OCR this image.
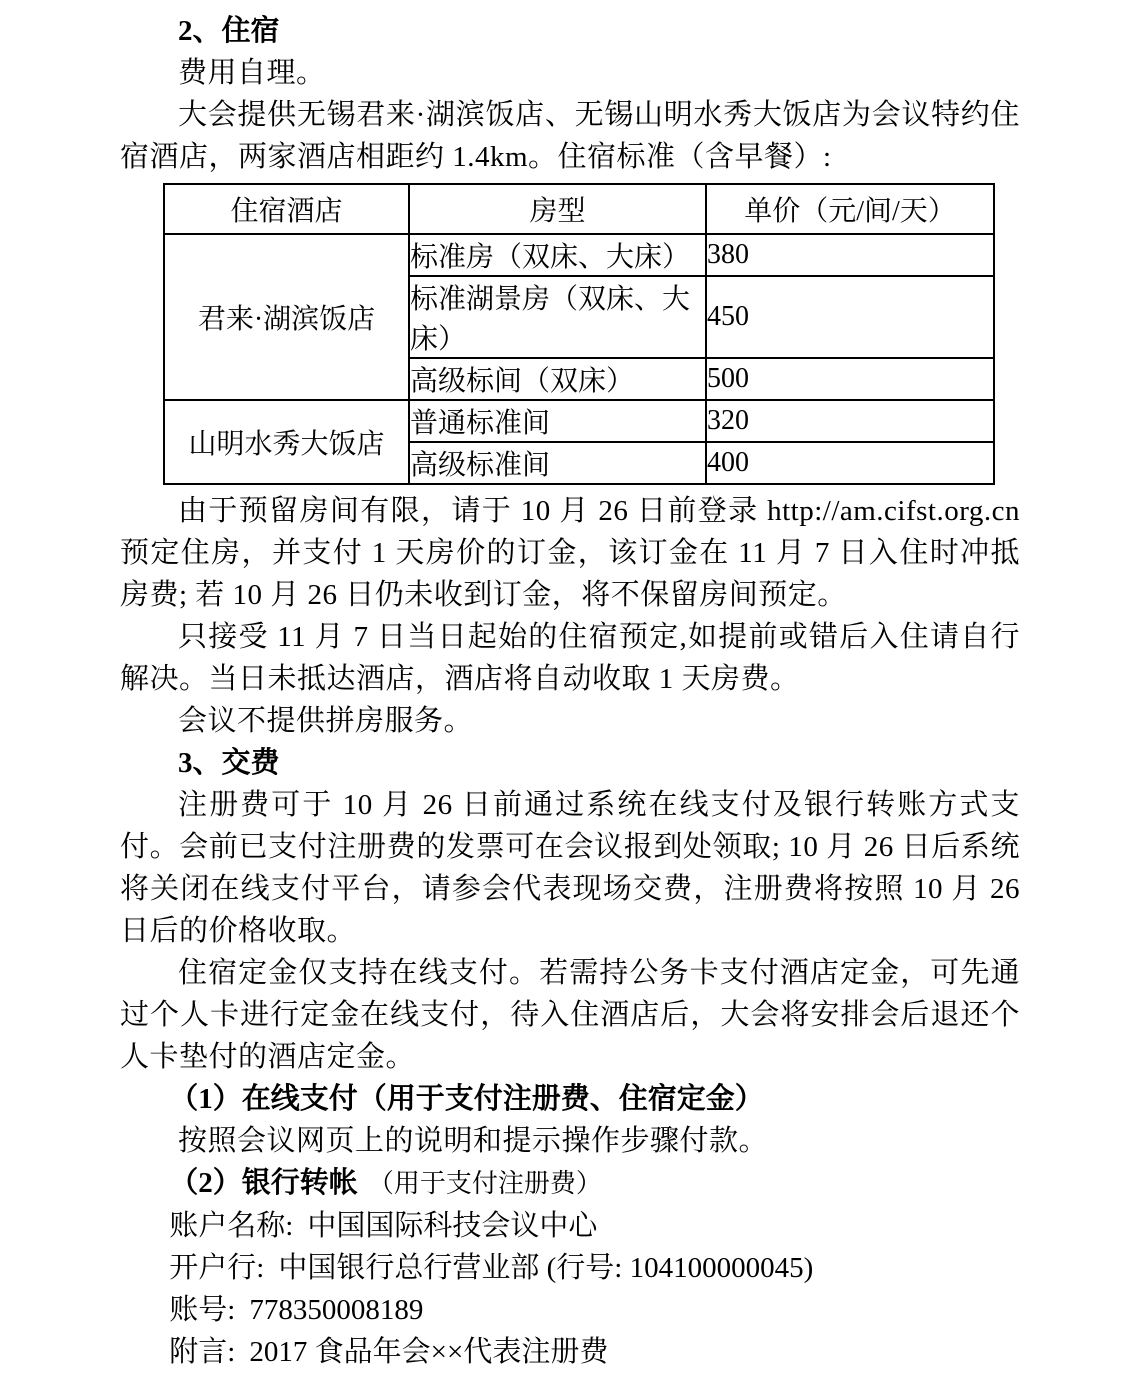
2、住宿

费用自理。

大会提供无锡君来·湖滨饭店、无锡山明水秀大饭店为会议特约住宿酒店，两家酒店相距约 1.4km。住宿标准（含早餐）:

住宿酒店	房型	单价（元/间/天）
君来·湖滨饭店	标准房（双床、大床）	380
	标准湖景房（双床、大床）	450
	高级标间（双床）	500
山明水秀大饭店	普通标准间	320
	高级标准间	400

由于预留房间有限，请于 10 月 26 日前登录 http://am.cifst.org.cn 预定住房，并支付 1 天房价的订金，该订金在 11 月 7 日入住时冲抵房费; 若 10 月 26 日仍未收到订金，将不保留房间预定。

只接受 11 月 7 日当日起始的住宿预定,如提前或错后入住请自行解决。当日未抵达酒店，酒店将自动收取 1 天房费。

会议不提供拼房服务。

3、交费

注册费可于 10 月 26 日前通过系统在线支付及银行转账方式支付。会前已支付注册费的发票可在会议报到处领取; 10 月 26 日后系统将关闭在线支付平台，请参会代表现场交费，注册费将按照 10 月 26 日后的价格收取。

住宿定金仅支持在线支付。若需持公务卡支付酒店定金，可先通过个人卡进行定金在线支付，待入住酒店后，大会将安排会后退还个人卡垫付的酒店定金。

（1）在线支付（用于支付注册费、住宿定金）

按照会议网页上的说明和提示操作步骤付款。

（2）银行转帐 （用于支付注册费）

账户名称: 中国国际科技会议中心

开户行: 中国银行总行营业部 (行号: 104100000045)

账号: 778350008189

附言: 2017 食品年会××代表注册费
